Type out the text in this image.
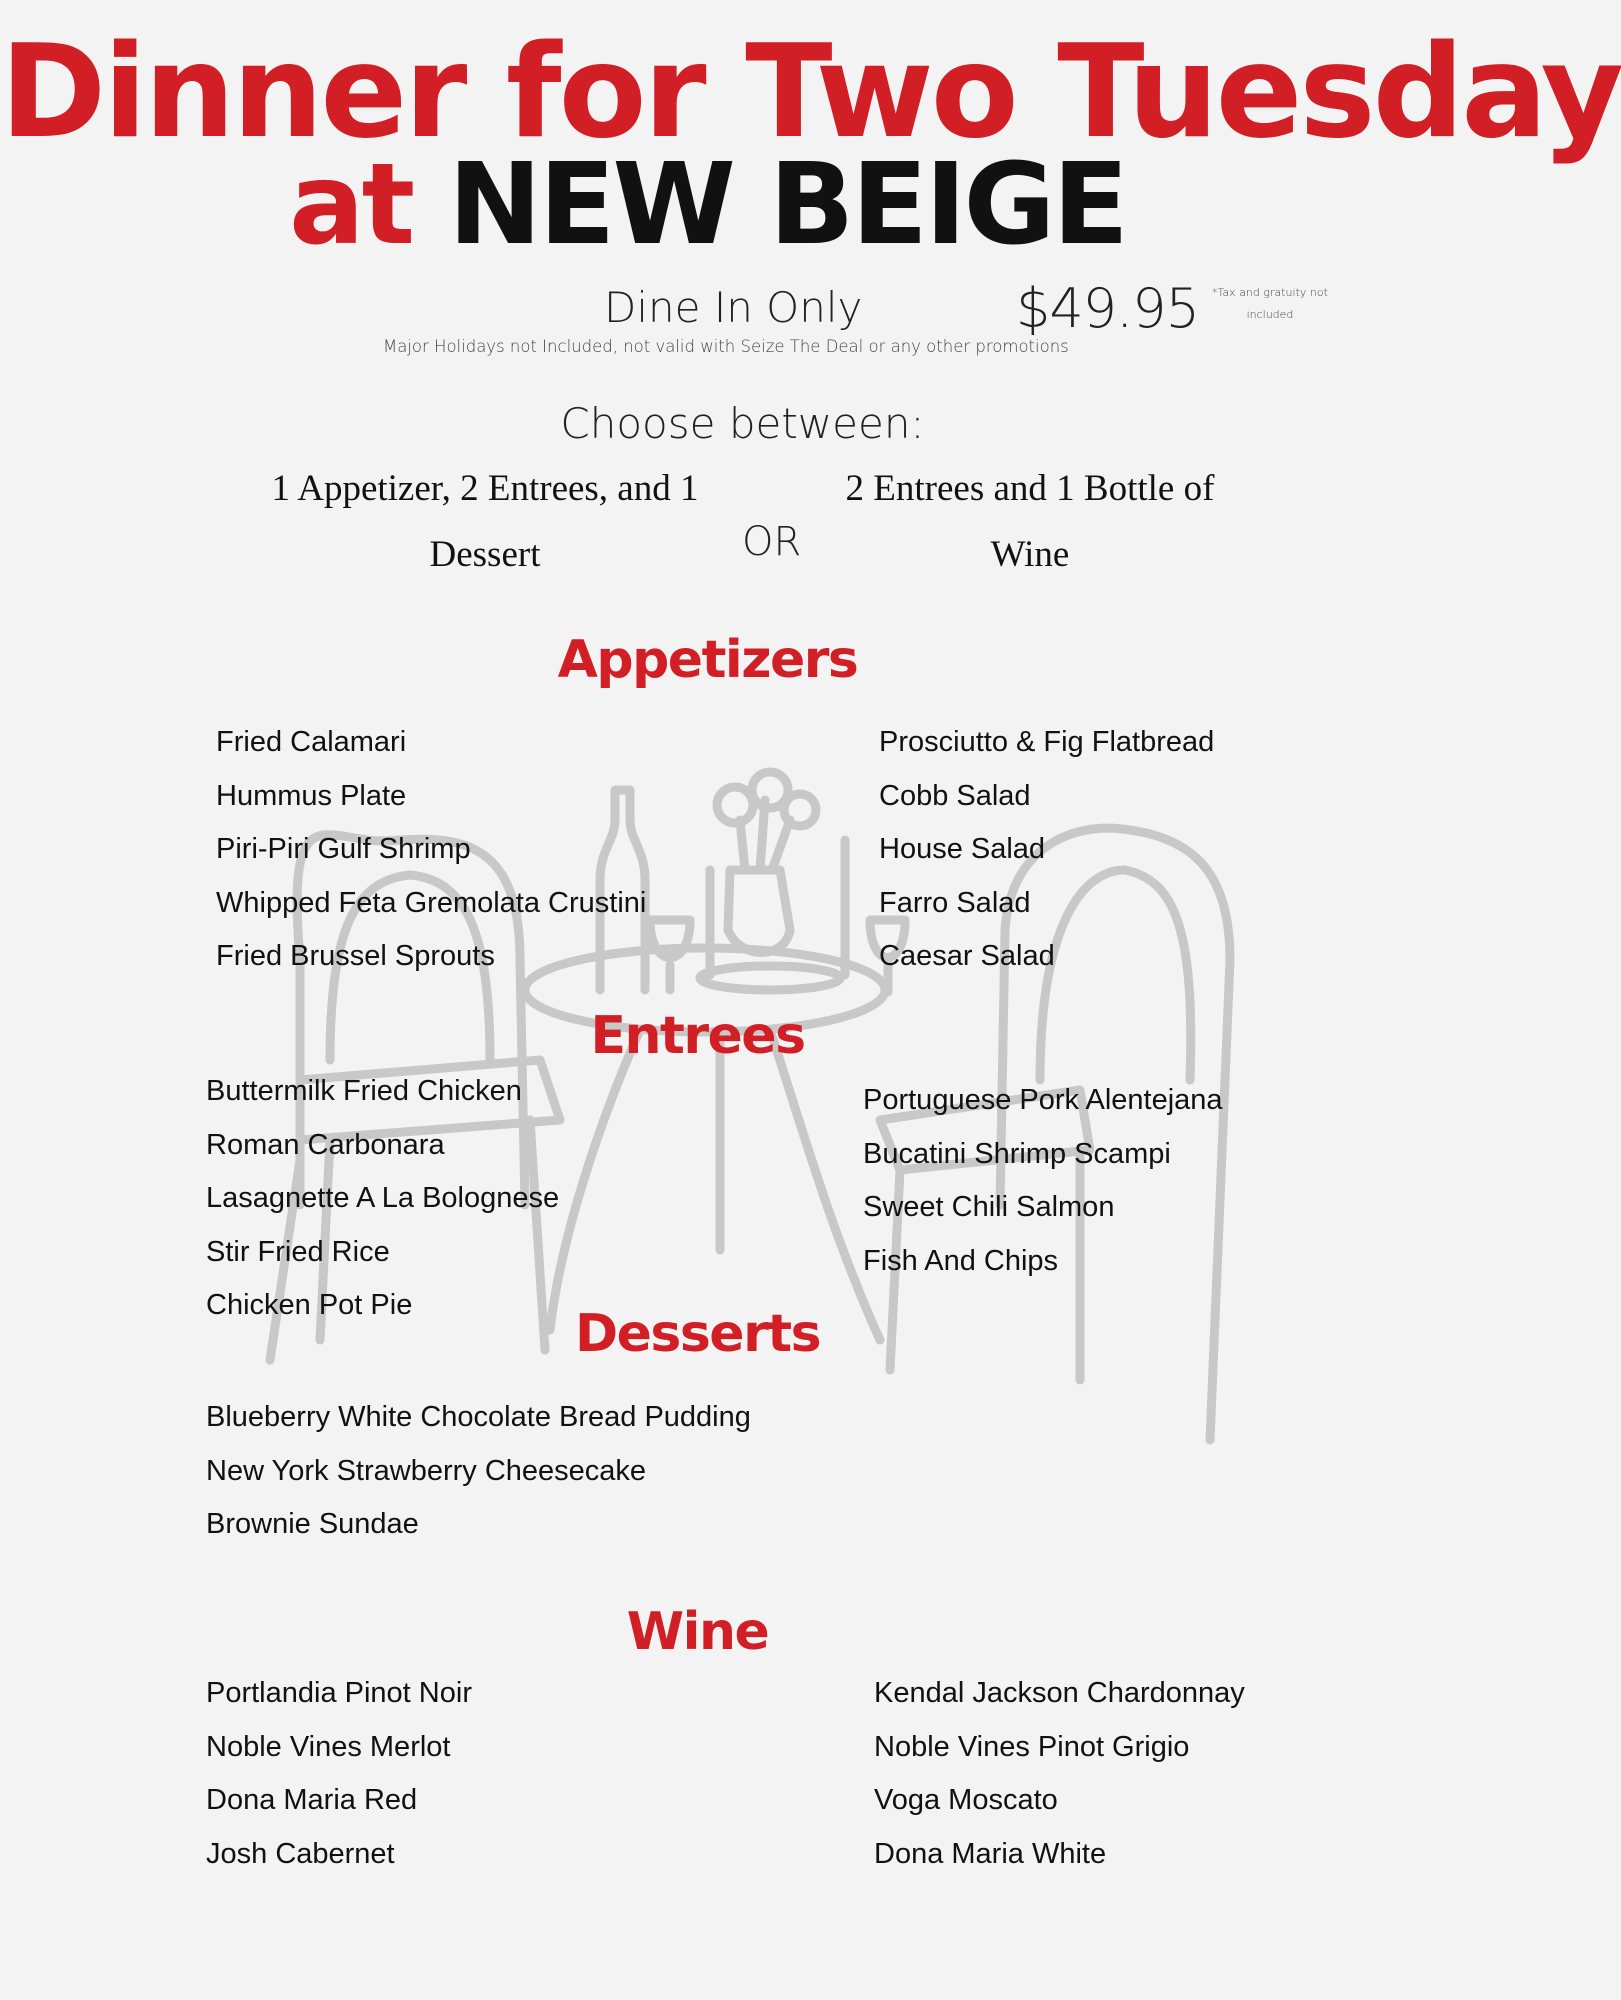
Dinner for Two Tuesday
at NEW BEIGE
Dine In Only	$49.95	*Tax and gratuity not
included
Major Holidays not Included, not valid with Seize The Deal or any other promotions
Choose between:
1 Appetizer, 2 Entrees, and 1
Dessert	OR
2 Entrees and 1 Bottle of
Wine
Appetizers
Fried Calamari
Hummus Plate
Piri-Piri Gulf Shrimp
Whipped Feta Gremolata Crustini
Fried Brussel Sprouts
Prosciutto & Fig Flatbread
Cobb Salad
House Salad
Farro Salad
Caesar Salad
Entrees
Buttermilk Fried Chicken
Roman Carbonara
Lasagnette A La Bolognese
Stir Fried Rice
Chicken Pot Pie
Portuguese Pork Alentejana
Bucatini Shrimp Scampi
Sweet Chili Salmon
Fish And Chips
Desserts
Blueberry White Chocolate Bread Pudding
New York Strawberry Cheesecake
Brownie Sundae
Wine
Portlandia Pinot Noir
Noble Vines Merlot
Dona Maria Red
Josh Cabernet
Kendal Jackson Chardonnay
Noble Vines Pinot Grigio
Voga Moscato
Dona Maria White
